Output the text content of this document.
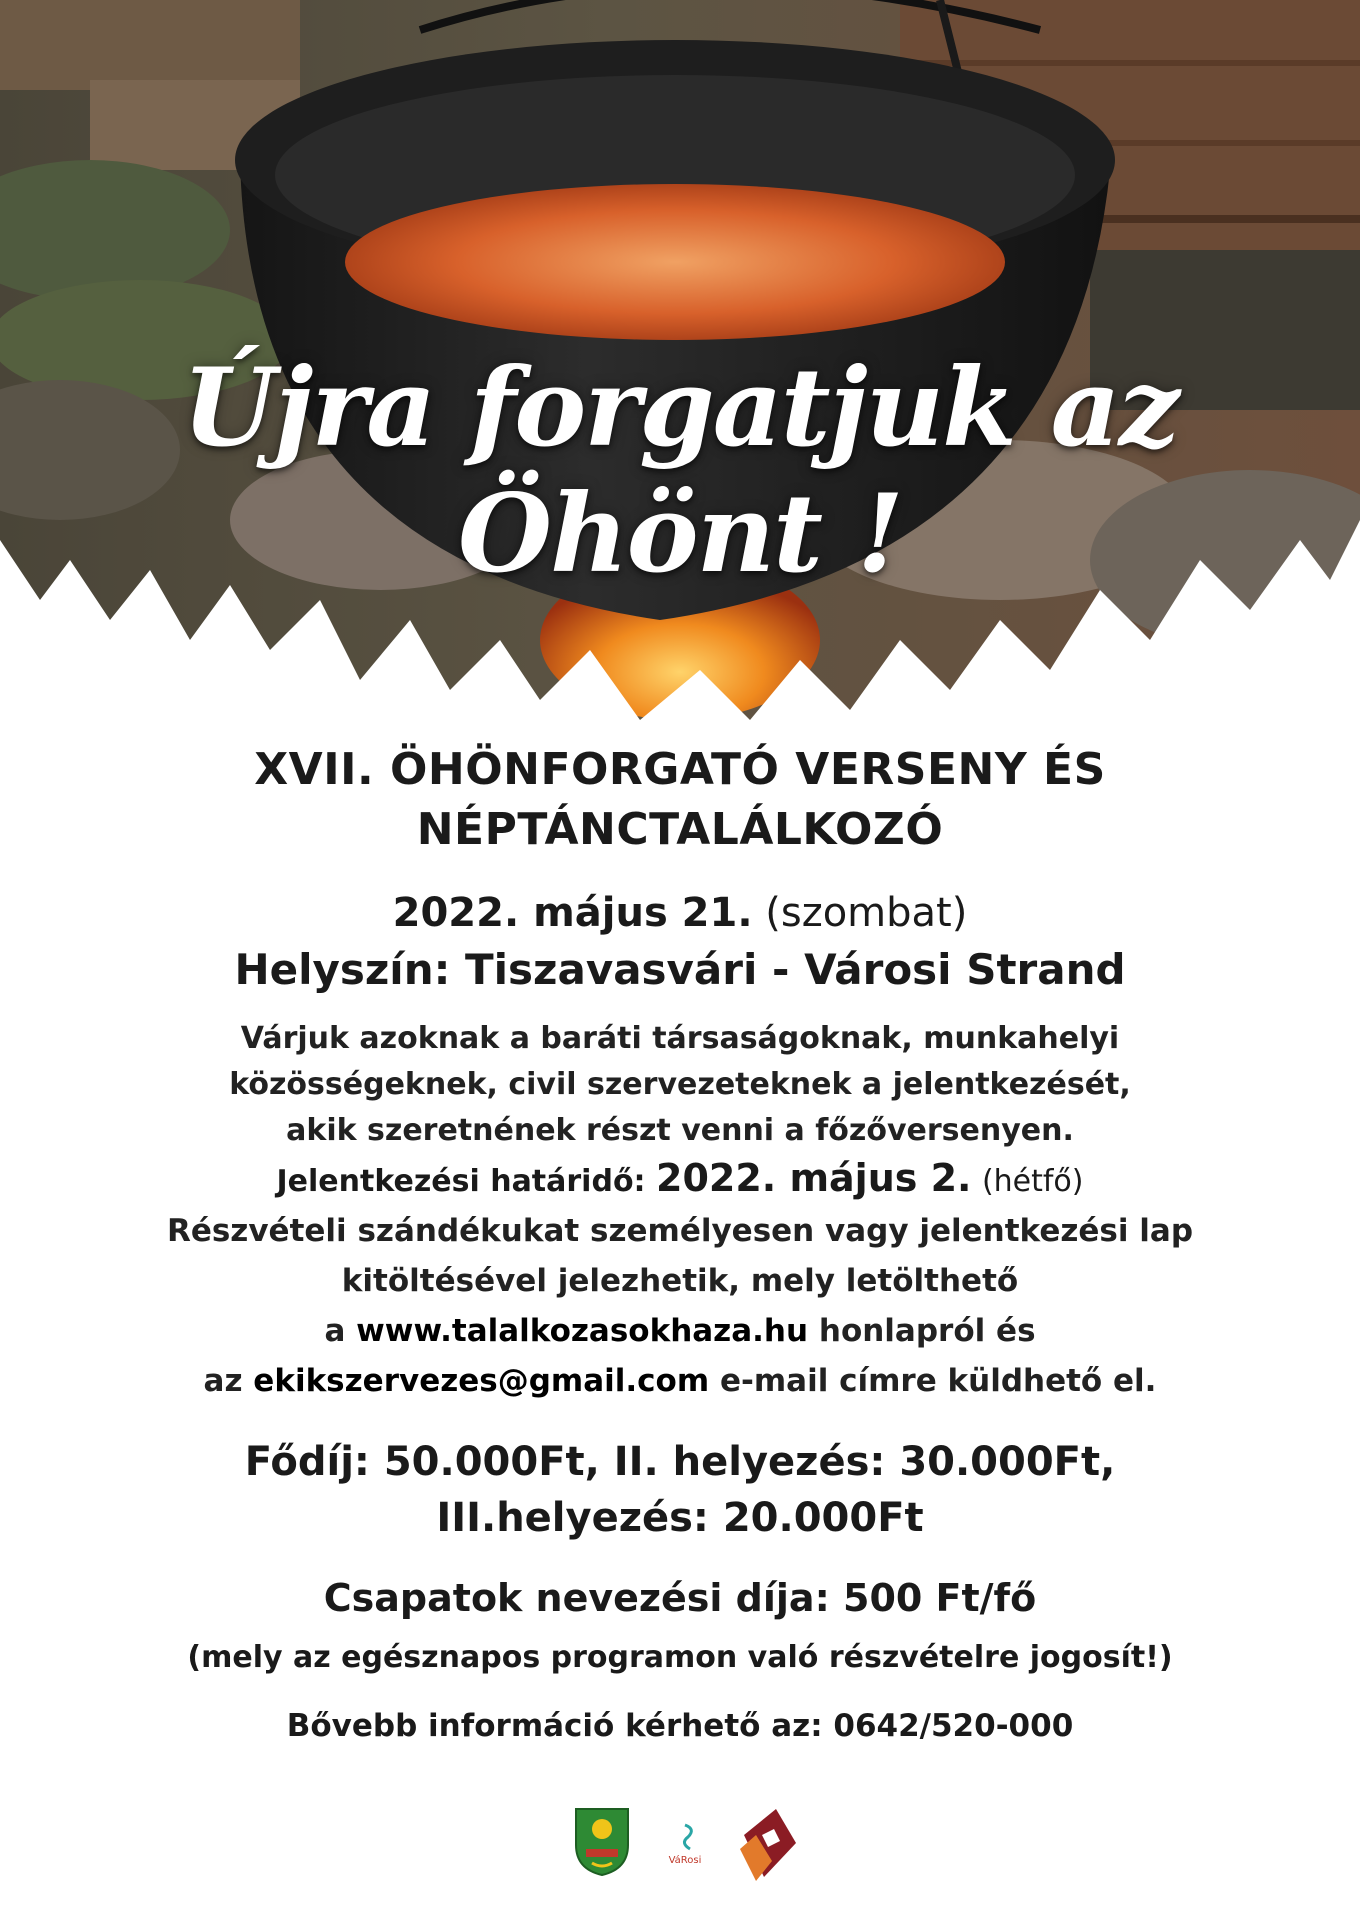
Újra forgatjuk az Öhönt !

XVII. ÖHÖNFORGATÓ VERSENY ÉS

NÉPTÁNCTALÁLKOZÓ

2022. május 21. (szombat)
Helyszín: Tiszavasvári - Városi Strand
Várjuk azoknak a baráti társaságoknak, munkahelyi
közösségeknek, civil szervezeteknek a jelentkezését,
akik szeretnének részt venni a főzőversenyen.
Jelentkezési határidő: 2022. május 2. (hétfő)
Részvételi szándékukat személyesen vagy jelentkezési lap
kitöltésével jelezhetik, mely letölthető
a www.talalkozasokhaza.hu honlapról és
az ekikszervezes@gmail.com e-mail címre küldhető el.
Fődíj: 50.000Ft, II. helyezés: 30.000Ft,
III.helyezés: 20.000Ft
Csapatok nevezési díja: 500 Ft/fő
(mely az egésznapos programon való részvételre jogosít!)
Bővebb információ kérhető az: 0642/520-000
VáRosi
